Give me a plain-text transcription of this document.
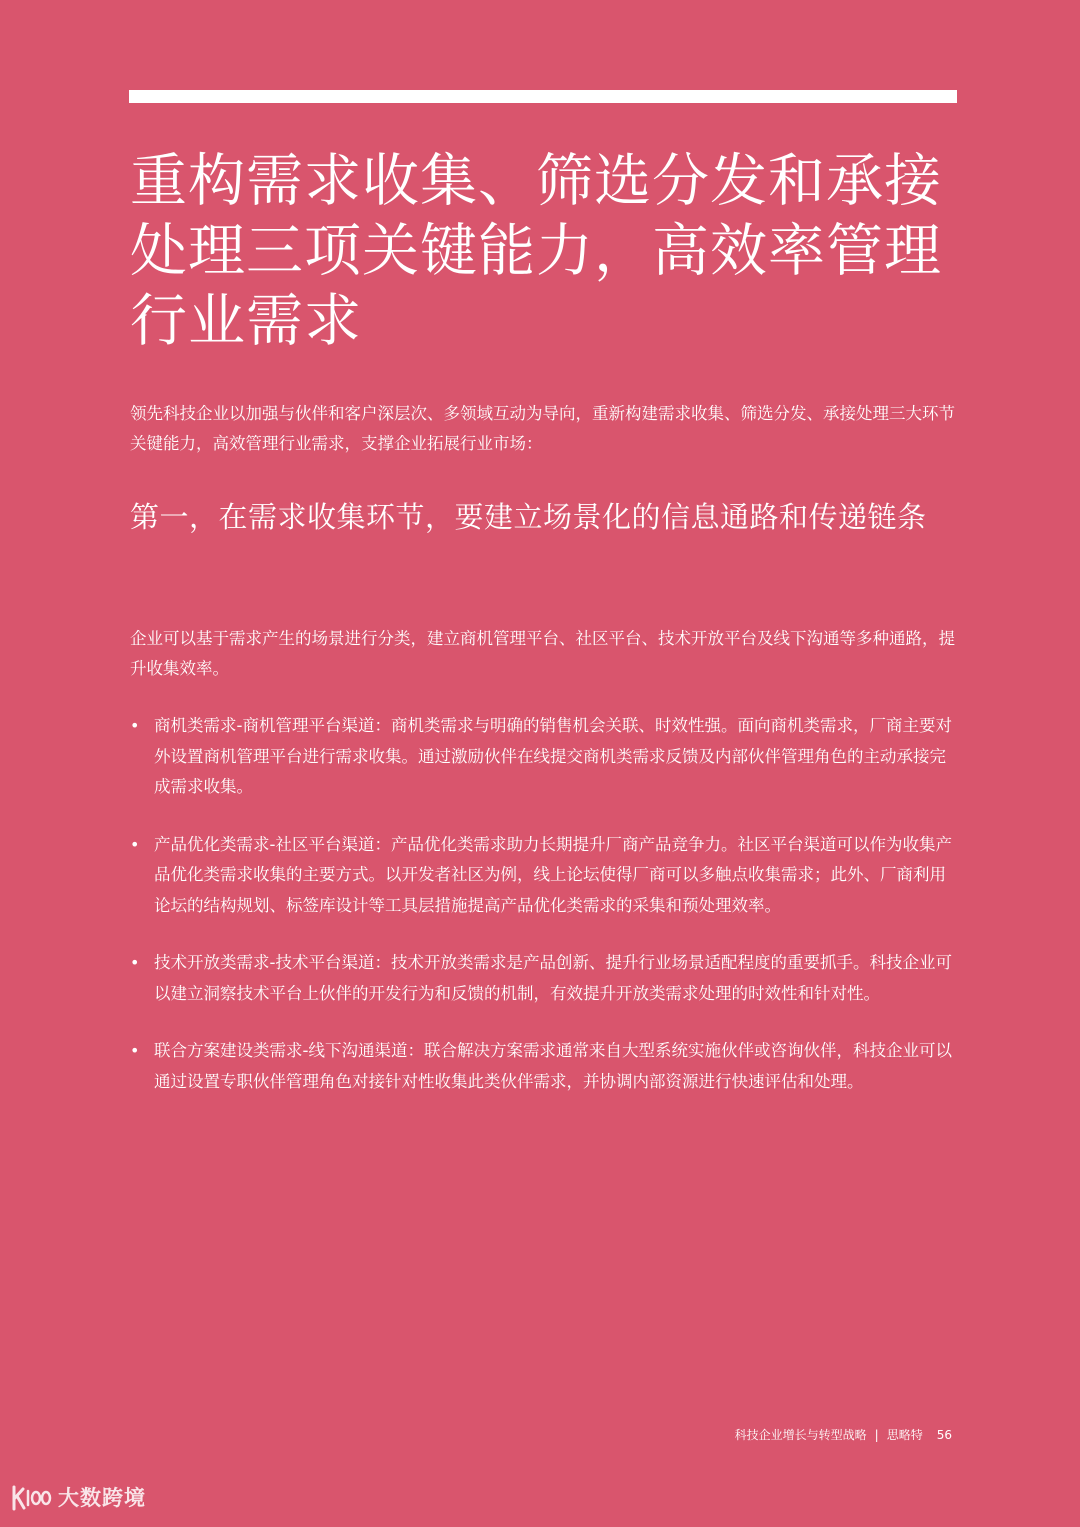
重构需求收集、筛选分发和承接处理三项关键能力，高效率管理行业需求

领先科技企业以加强与伙伴和客户深层次、多领域互动为导向，重新构建需求收集、筛选分发、承接处理三大环节关键能力，高效管理行业需求，支撑企业拓展行业市场：

第一，在需求收集环节，要建立场景化的信息通路和传递链条

企业可以基于需求产生的场景进行分类，建立商机管理平台、社区平台、技术开放平台及线下沟通等多种通路，提升收集效率。

• 商机类需求-商机管理平台渠道：商机类需求与明确的销售机会关联、时效性强。面向商机类需求，厂商主要对外设置商机管理平台进行需求收集。通过激励伙伴在线提交商机类需求反馈及内部伙伴管理角色的主动承接完成需求收集。
• 产品优化类需求-社区平台渠道：产品优化类需求助力长期提升厂商产品竞争力。社区平台渠道可以作为收集产品优化类需求收集的主要方式。以开发者社区为例，线上论坛使得厂商可以多触点收集需求；此外、厂商利用论坛的结构规划、标签库设计等工具层措施提高产品优化类需求的采集和预处理效率。
• 技术开放类需求-技术平台渠道：技术开放类需求是产品创新、提升行业场景适配程度的重要抓手。科技企业可以建立洞察技术平台上伙伴的开发行为和反馈的机制，有效提升开放类需求处理的时效性和针对性。
• 联合方案建设类需求-线下沟通渠道：联合解决方案需求通常来自大型系统实施伙伴或咨询伙伴，科技企业可以通过设置专职伙伴管理角色对接针对性收集此类伙伴需求，并协调内部资源进行快速评估和处理。
科技企业增长与转型战略 | 思略特 56
大数跨境
